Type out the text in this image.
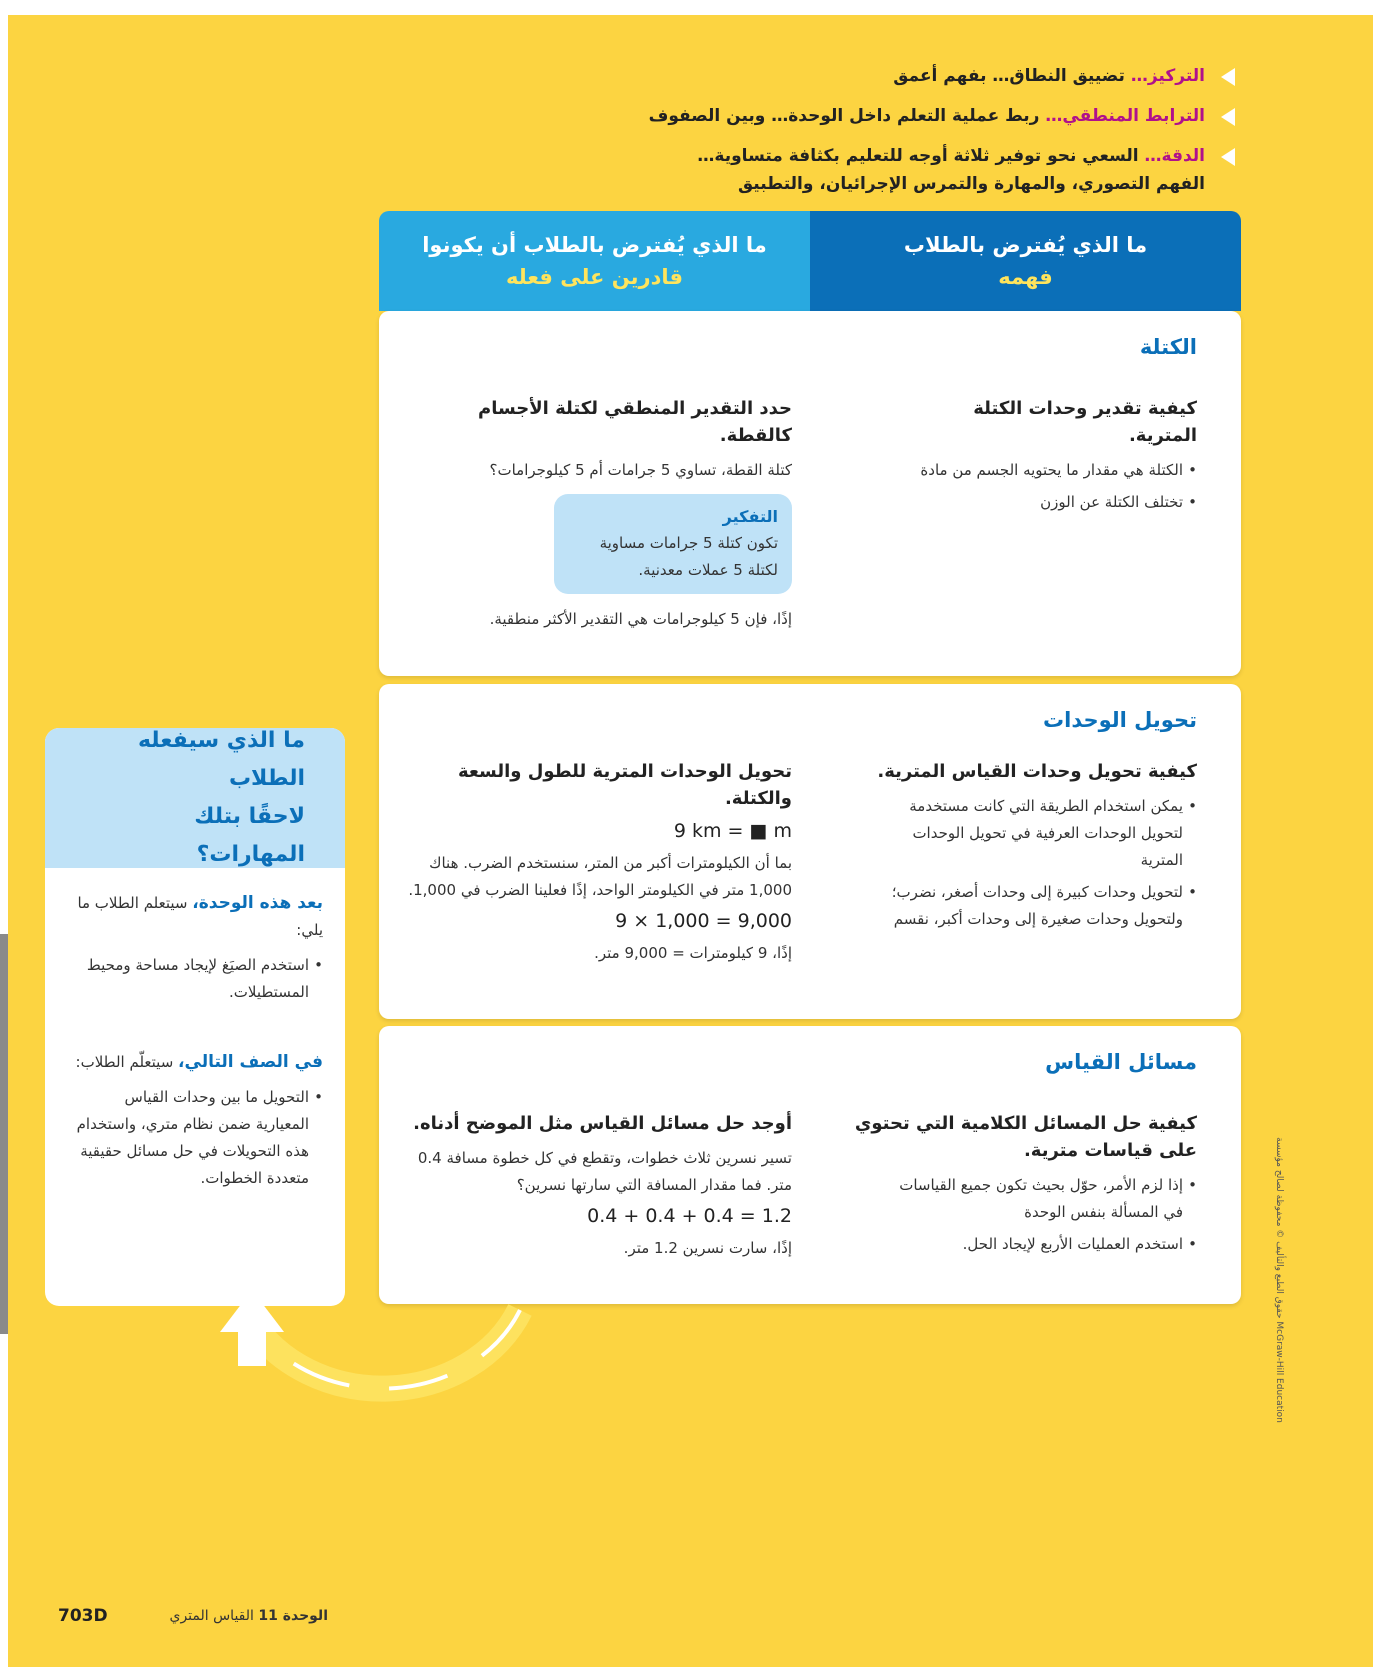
التركيز… تضييق النطاق… بفهم أعمق
الترابط المنطقي… ربط عملية التعلم داخل الوحدة… وبين الصفوف
الدقة… السعي نحو توفير ثلاثة أوجه للتعليم بكثافة متساوية… الفهم التصوري، والمهارة والتمرس الإجرائيان، والتطبيق
ما الذي يُفترض بالطلاب أن يكونوا
قادرين على فعله
ما الذي يُفترض بالطلاب
فهمه
الكتلة
كيفية تقدير وحدات الكتلة المترية.
• الكتلة هي مقدار ما يحتويه الجسم من مادة
• تختلف الكتلة عن الوزن
حدد التقدير المنطقي لكتلة الأجسام كالقطة.
كتلة القطة، تساوي 5 جرامات أم 5 كيلوجرامات؟
التفكير
تكون كتلة 5 جرامات مساوية لكتلة 5 عملات معدنية.
إذًا، فإن 5 كيلوجرامات هي التقدير الأكثر منطقية.
تحويل الوحدات
كيفية تحويل وحدات القياس المترية.
• يمكن استخدام الطريقة التي كانت مستخدمة لتحويل الوحدات العرفية في تحويل الوحدات المترية
• لتحويل وحدات كبيرة إلى وحدات أصغر، نضرب؛ ولتحويل وحدات صغيرة إلى وحدات أكبر، نقسم
تحويل الوحدات المترية للطول والسعة والكتلة.
9 km = ■ m
بما أن الكيلومترات أكبر من المتر، سنستخدم الضرب. هناك 1,000 متر في الكيلومتر الواحد، إذًا فعلينا الضرب في 1,000.
9 × 1,000 = 9,000
إذًا، 9 كيلومترات = 9,000 متر.
مسائل القياس
كيفية حل المسائل الكلامية التي تحتوي على قياسات مترية.
• إذا لزم الأمر، حوّل بحيث تكون جميع القياسات في المسألة بنفس الوحدة
• استخدم العمليات الأربع لإيجاد الحل.
أوجد حل مسائل القياس مثل الموضح أدناه.
تسير نسرين ثلاث خطوات، وتقطع في كل خطوة مسافة 0.4 متر. فما مقدار المسافة التي سارتها نسرين؟
0.4 + 0.4 + 0.4 = 1.2
إذًا، سارت نسرين 1.2 متر.
ما الذي سيفعله الطلاب
لاحقًا بتلك المهارات؟
بعد هذه الوحدة، سيتعلم الطلاب ما يلي:
• استخدم الصيَغ لإيجاد مساحة ومحيط المستطيلات.
في الصف التالي، سيتعلّم الطلاب:
• التحويل ما بين وحدات القياس المعيارية ضمن نظام متري، واستخدام هذه التحويلات في حل مسائل حقيقية متعددة الخطوات.	حقوق الطبع والتأليف © محفوظة لصالح مؤسسة McGraw-Hill Education
الوحدة 11 القياس المتري
703D
